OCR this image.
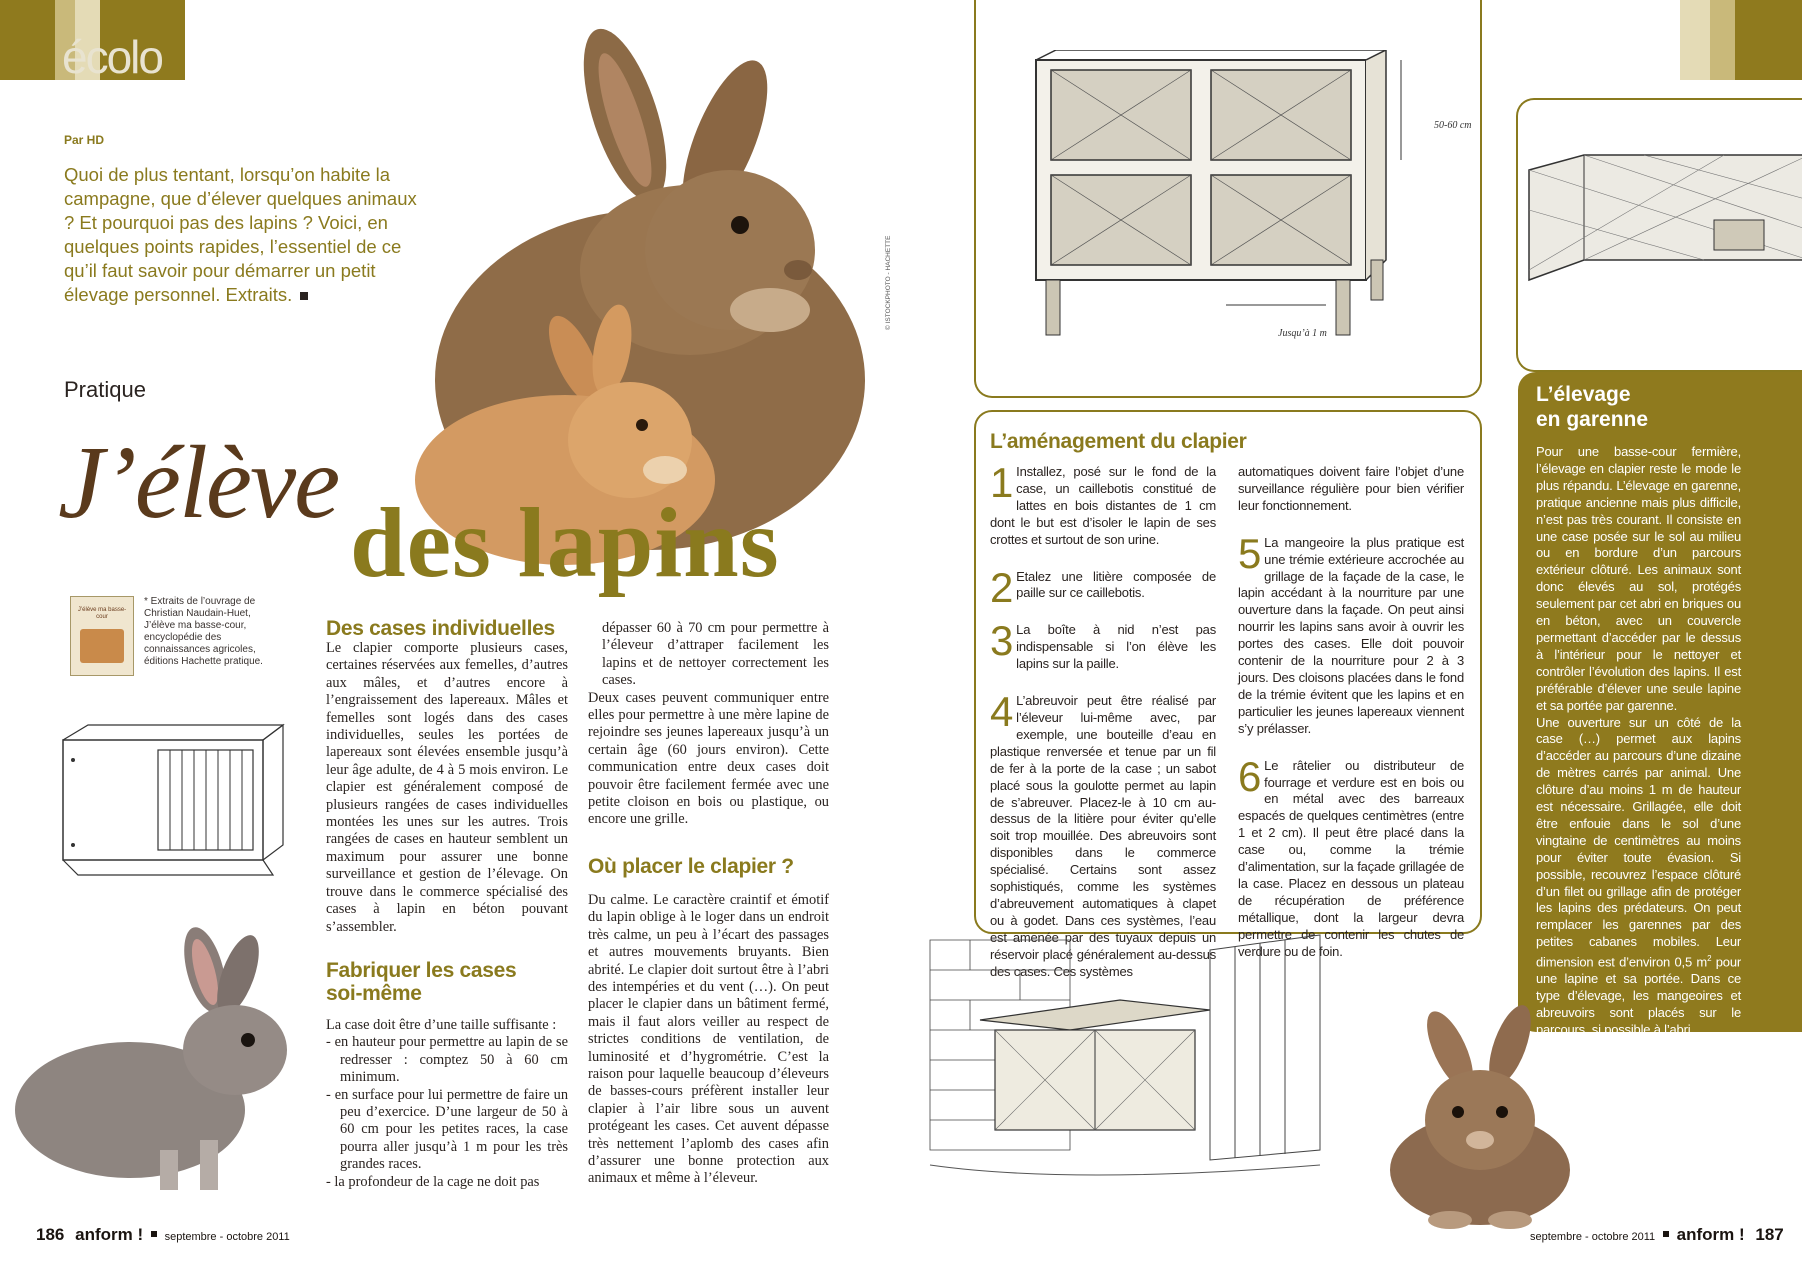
écolo
Par HD
Quoi de plus tentant, lorsqu’on habite la campagne, que d’élever quelques animaux ? Et pourquoi pas des lapins ? Voici, en quelques points rapides, l’essentiel de ce qu’il faut savoir pour démarrer un petit élevage personnel. Extraits.
Pratique
J’élève
des lapins
J’élève ma basse-cour
* Extraits de l’ouvrage de Christian Naudain-Huet, J’élève ma basse-cour, encyclopédie des connaissances agricoles, éditions Hachette pratique.
Des cases individuelles
Le clapier comporte plusieurs cases, certaines réservées aux femelles, d’autres aux mâles, et d’autres encore à l’engraissement des lapereaux. Mâles et femelles sont logés dans des cases individuelles, seules les portées de lapereaux sont élevées ensemble jusqu’à leur âge adulte, de 4 à 5 mois environ. Le clapier est généralement composé de plusieurs rangées de cases individuelles montées les unes sur les autres. Trois rangées de cases en hauteur semblent un maximum pour assurer une bonne surveillance et gestion de l’élevage. On trouve dans le commerce spécialisé des cases à lapin en béton pouvant s’assembler.
Fabriquer les cases soi-même
La case doit être d’une taille suffisante :
- en hauteur pour permettre au lapin de se redresser : comptez 50 à 60 cm minimum.
- en surface pour lui permettre de faire un peu d’exercice. D’une largeur de 50 à 60 cm pour les petites races, la case pourra aller jusqu’à 1 m pour les très grandes races.
- la profondeur de la cage ne doit pas
dépasser 60 à 70 cm pour permettre à l’éleveur d’attraper facilement les lapins et de nettoyer correctement les cases.
Deux cases peuvent communiquer entre elles pour permettre à une mère lapine de rejoindre ses jeunes lapereaux jusqu’à un certain âge (60 jours environ). Cette communication entre deux cases doit pouvoir être facilement fermée avec une petite cloison en bois ou plastique, ou encore une grille.
Où placer le clapier ?
Du calme. Le caractère craintif et émotif du lapin oblige à le loger dans un endroit très calme, un peu à l’écart des passages et autres mouvements bruyants. Bien abrité. Le clapier doit surtout être à l’abri des intempéries et du vent (…). On peut placer le clapier dans un bâtiment fermé, mais il faut alors veiller au respect de strictes conditions de ventilation, de luminosité et d’hygrométrie. C’est la raison pour laquelle beaucoup d’éleveurs de basses-cours préfèrent installer leur clapier à l’air libre sous un auvent protégeant les cases. Cet auvent dépasse très nettement l’aplomb des cases afin d’assurer une bonne protection aux animaux et même à l’éleveur.
50-60 cm
Jusqu’à 1 m
© ISTOCKPHOTO - HACHETTE
L’aménagement du clapier
1 Installez, posé sur le fond de la case, un caillebotis constitué de lattes en bois distantes de 1 cm dont le but est d’isoler le lapin de ses crottes et surtout de son urine.
2 Etalez une litière composée de paille sur ce caillebotis.
3 La boîte à nid n’est pas indispensable si l’on élève les lapins sur la paille.
4 L’abreuvoir peut être réalisé par l’éleveur lui-même avec, par exemple, une bouteille d’eau en plastique renversée et tenue par un fil de fer à la porte de la case ; un sabot placé sous la goulotte permet au lapin de s’abreuver. Placez-le à 10 cm au-dessus de la litière pour éviter qu’elle soit trop mouillée. Des abreuvoirs sont disponibles dans le commerce spécialisé. Certains sont assez sophistiqués, comme les systèmes d’abreuvement automatiques à clapet ou à godet. Dans ces systèmes, l’eau est amenée par des tuyaux depuis un réservoir placé généralement au-dessus des cases. Ces systèmes
automatiques doivent faire l’objet d’une surveillance régulière pour bien vérifier leur fonctionnement.
5 La mangeoire la plus pratique est une trémie extérieure accrochée au grillage de la façade de la case, le lapin accédant à la nourriture par une ouverture dans la façade. On peut ainsi nourrir les lapins sans avoir à ouvrir les portes des cases. Elle doit pouvoir contenir de la nourriture pour 2 à 3 jours. Des cloisons placées dans le fond de la trémie évitent que les lapins et en particulier les jeunes lapereaux viennent s’y prélasser.
6 Le râtelier ou distributeur de fourrage et verdure est en bois ou en métal avec des barreaux espacés de quelques centimètres (entre 1 et 2 cm). Il peut être placé dans la case ou, comme la trémie d’alimentation, sur la façade grillagée de la case. Placez en dessous un plateau de récupération de préférence métallique, dont la largeur devra permettre de contenir les chutes de verdure ou de foin.
L’élevage
en garenne
Pour une basse-cour fermière, l’élevage en clapier reste le mode le plus répandu. L’élevage en garenne, pratique ancienne mais plus difficile, n’est pas très courant. Il consiste en une case posée sur le sol au milieu ou en bordure d’un parcours extérieur clôturé. Les animaux sont donc élevés au sol, protégés seulement par cet abri en briques ou en béton, avec un couvercle permettant d’accéder par le dessus à l’intérieur pour le nettoyer et contrôler l’évolution des lapins. Il est préférable d’élever une seule lapine et sa portée par garenne.
Une ouverture sur un côté de la case (…) permet aux lapins d’accéder au parcours d’une dizaine de mètres carrés par animal. Une clôture d’au moins 1 m de hauteur est nécessaire. Grillagée, elle doit être enfouie dans le sol d’une vingtaine de centimètres au moins pour éviter toute évasion. Si possible, recouvrez l’espace clôturé d’un filet ou grillage afin de protéger les lapins des prédateurs. On peut remplacer les garennes par des petites cabanes mobiles. Leur dimension est d’environ 0,5 $m^2$ pour une lapine et sa portée. Dans ce type d’élevage, les mangeoires et abreuvoirs sont placés sur le parcours, si possible à l’abri.
186 anform ! septembre - octobre 2011	septembre - octobre 2011 anform ! 187
